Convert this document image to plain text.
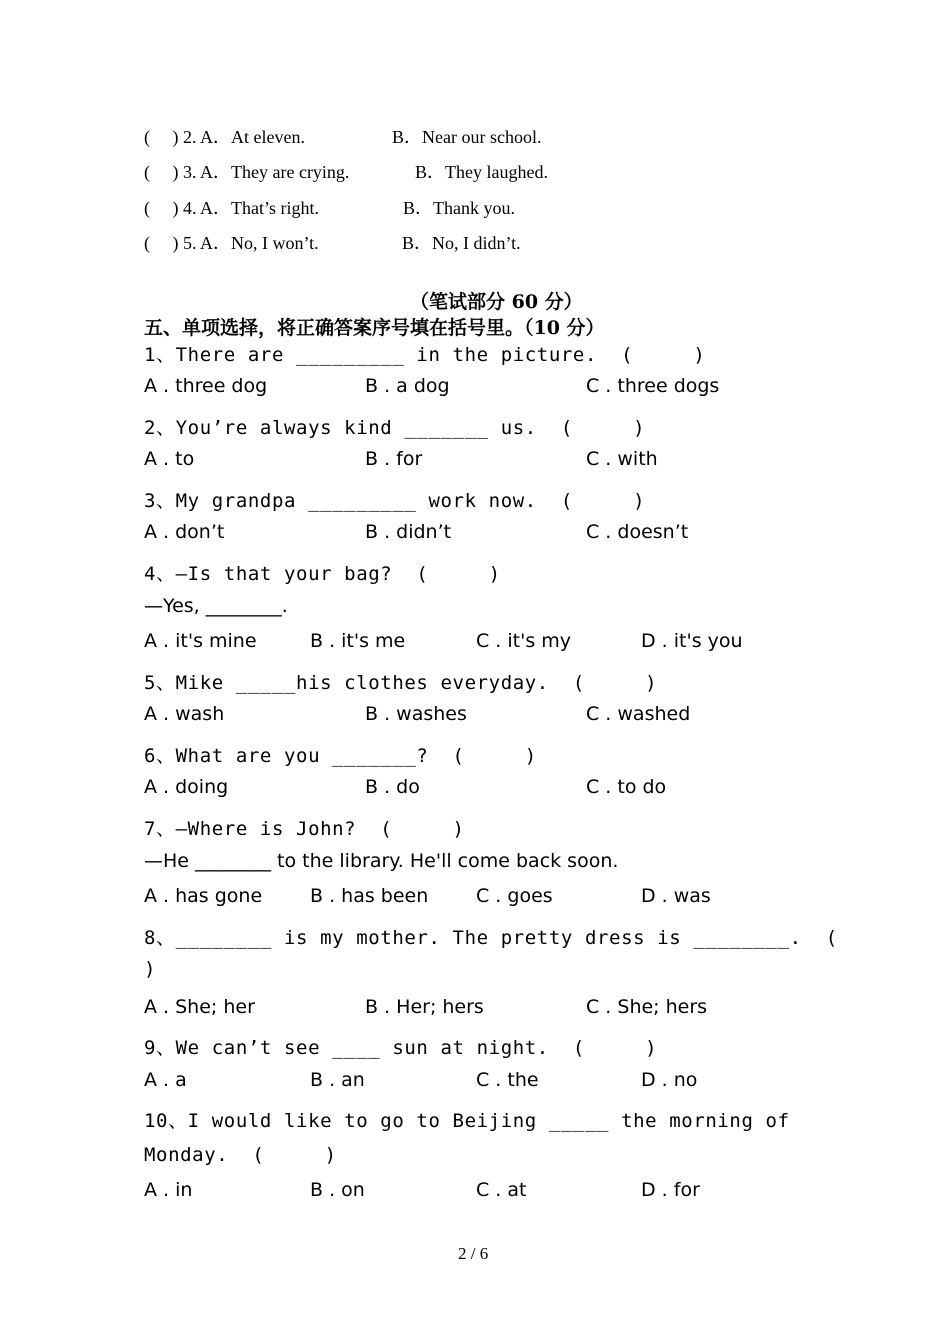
(     ) 2. A．At eleven.	B．Near our school.
(     ) 3. A．They are crying.	B．They laughed.
(     ) 4. A．That’s right.	B．Thank you.
(     ) 5. A．No, I won’t.	B．No, I didn’t.
（笔试部分 60 分）
五、单项选择，将正确答案序号填在括号里。（10 分）
1、There are _________ in the picture.  (     )
A . three dog	B . a dog	C . three dogs
2、You’re always kind _______ us.  (     )
A . to	B . for	C . with
3、My grandpa _________ work now.  (     )
A . don’t	B . didn’t	C . doesn’t
4、—Is that your bag?  (     )
—Yes, ________.
A . it's mine	B . it's me	C . it's my	D . it's you
5、Mike _____his clothes everyday.  (     )
A . wash	B . washes	C . washed
6、What are you _______?  (     )
A . doing	B . do	C . to do
7、—Where is John?  (     )
—He ________ to the library. He'll come back soon.
A . has gone	B . has been	C . goes	D . was
8、________ is my mother. The pretty dress is ________.  (
)
A . She; her	B . Her; hers	C . She; hers
9、We can’t see ____ sun at night.  (     )
A . a	B . an	C . the	D . no
10、I would like to go to Beijing _____ the morning of
Monday.  (     )
A . in	B . on	C . at	D . for
2 / 6
